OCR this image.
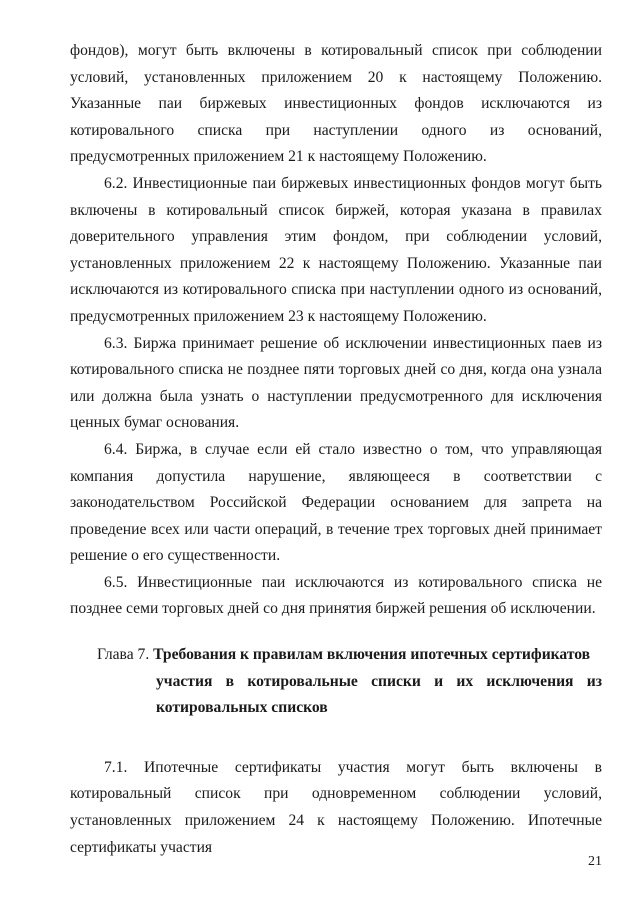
фондов), могут быть включены в котировальный список при соблюдении условий, установленных приложением 20 к настоящему Положению. Указанные паи биржевых инвестиционных фондов исключаются из котировального списка при наступлении одного из оснований, предусмотренных приложением 21 к настоящему Положению.

6.2. Инвестиционные паи биржевых инвестиционных фондов могут быть включены в котировальный список биржей, которая указана в правилах доверительного управления этим фондом, при соблюдении условий, установленных приложением 22 к настоящему Положению. Указанные паи исключаются из котировального списка при наступлении одного из оснований, предусмотренных приложением 23 к настоящему Положению.

6.3. Биржа принимает решение об исключении инвестиционных паев из котировального списка не позднее пяти торговых дней со дня, когда она узнала или должна была узнать о наступлении предусмотренного для исключения ценных бумаг основания.

6.4. Биржа, в случае если ей стало известно о том, что управляющая компания допустила нарушение, являющееся в соответствии с законодательством Российской Федерации основанием для запрета на проведение всех или части операций, в течение трех торговых дней принимает решение о его существенности.

6.5. Инвестиционные паи исключаются из котировального списка не позднее семи торговых дней со дня принятия биржей решения об исключении.

Глава 7. Требования к правилам включения ипотечных сертификатов
участия в котировальные списки и их исключения из котировальных списков

7.1. Ипотечные сертификаты участия могут быть включены в котировальный список при одновременном соблюдении условий, установленных приложением 24 к настоящему Положению. Ипотечные сертификаты участия

21
